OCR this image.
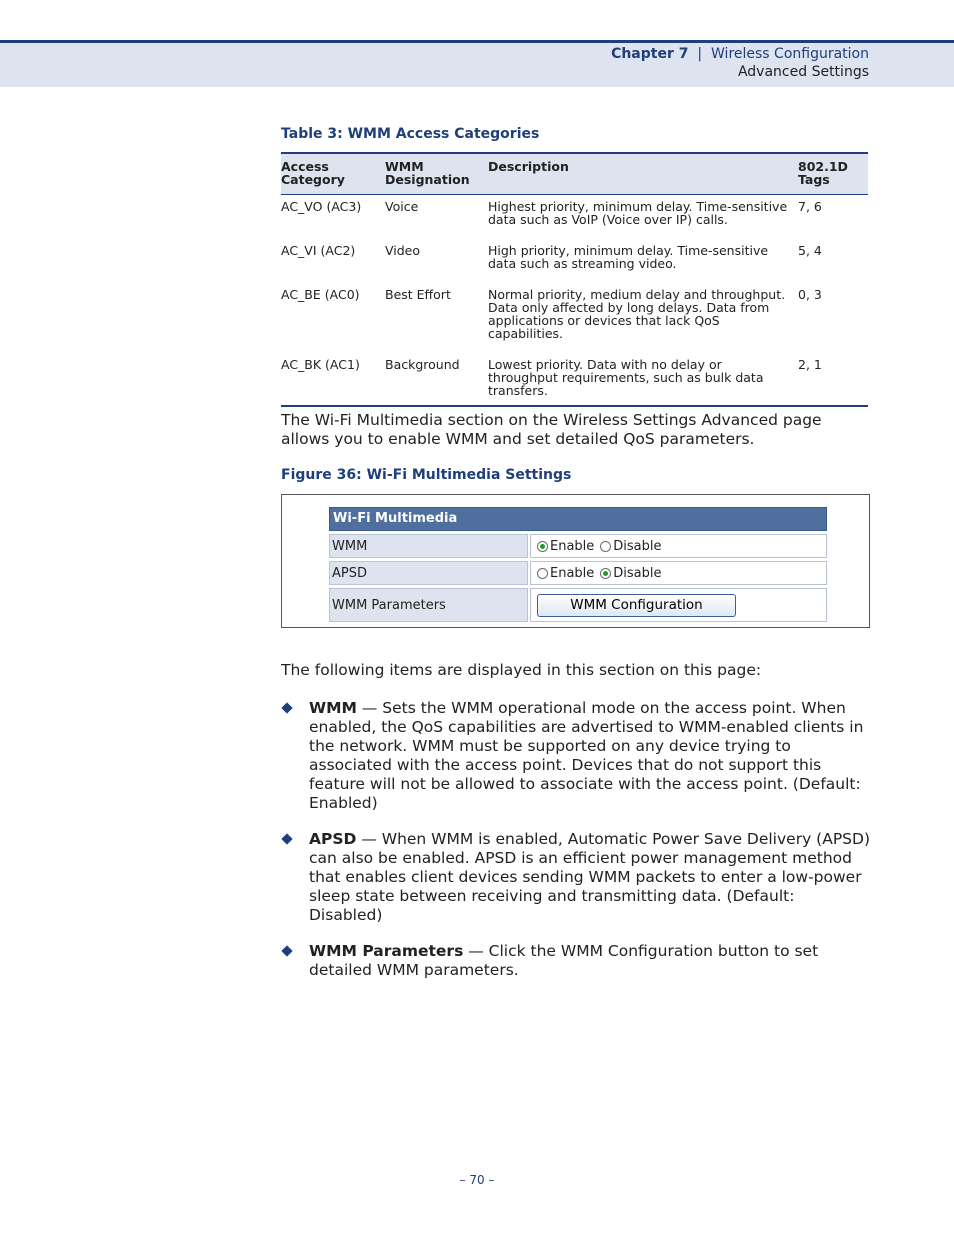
Chapter 7 | Wireless Configuration
Advanced Settings
Table 3: WMM Access Categories
Access Category	WMM Designation	Description	802.1D Tags
AC_VO (AC3)	Voice	Highest priority, minimum delay. Time-sensitive data such as VoIP (Voice over IP) calls.	7, 6
AC_VI (AC2)	Video	High priority, minimum delay. Time-sensitive data such as streaming video.	5, 4
AC_BE (AC0)	Best Effort	Normal priority, medium delay and throughput. Data only affected by long delays. Data from applications or devices that lack QoS capabilities.	0, 3
AC_BK (AC1)	Background	Lowest priority. Data with no delay or throughput requirements, such as bulk data transfers.	2, 1

The Wi-Fi Multimedia section on the Wireless Settings Advanced page allows you to enable WMM and set detailed QoS parameters.

Figure 36: Wi-Fi Multimedia Settings
Wi-Fi Multimedia
WMM	Enable Disable
APSD	Enable Disable
WMM Parameters	WMM Configuration

The following items are displayed in this section on this page:

WMM — Sets the WMM operational mode on the access point. When enabled, the QoS capabilities are advertised to WMM-enabled clients in the network. WMM must be supported on any device trying to associated with the access point. Devices that do not support this feature will not be allowed to associate with the access point. (Default: Enabled)
APSD — When WMM is enabled, Automatic Power Save Delivery (APSD) can also be enabled. APSD is an efficient power management method that enables client devices sending WMM packets to enter a low-power sleep state between receiving and transmitting data. (Default: Disabled)
WMM Parameters — Click the WMM Configuration button to set detailed WMM parameters.
– 70 –
